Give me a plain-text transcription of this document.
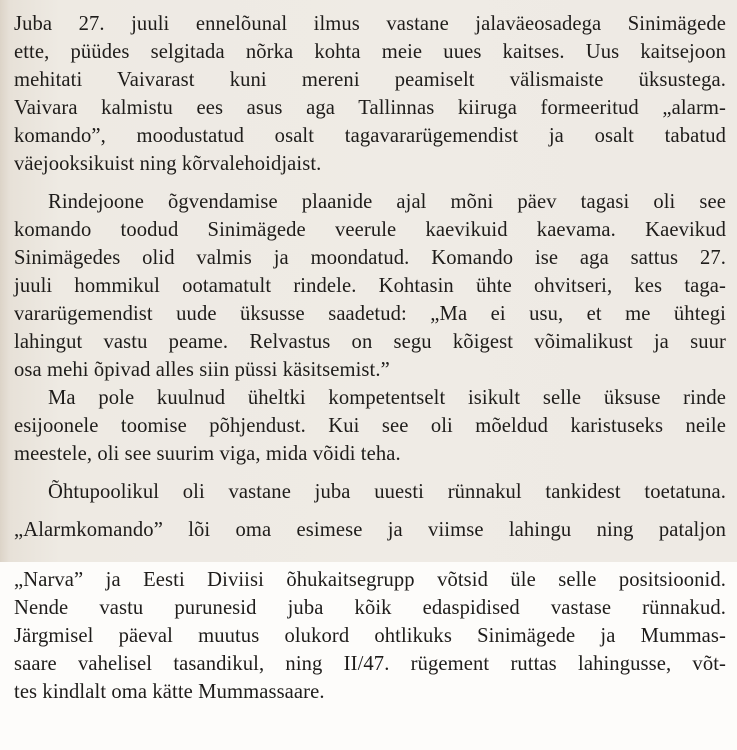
Juba 27. juuli ennelõunal ilmus vastane jalaväeosadega Sinimägede
ette, püüdes selgitada nõrka kohta meie uues kaitses. Uus kaitsejoon
mehitati Vaivarast kuni mereni peamiselt välismaiste üksustega.
Vaivara kalmistu ees asus aga Tallinnas kiiruga formeeritud „alarm-
komando”, moodustatud osalt tagavararügemendist ja osalt tabatud
väejooksikuist ning kõrvalehoidjaist.
Rindejoone õgvendamise plaanide ajal mõni päev tagasi oli see
komando toodud Sinimägede veerule kaevikuid kaevama. Kaevikud
Sinimägedes olid valmis ja moondatud. Komando ise aga sattus 27.
juuli hommikul ootamatult rindele. Kohtasin ühte ohvitseri, kes taga-
vararügemendist uude üksusse saadetud: „Ma ei usu, et me ühtegi
lahingut vastu peame. Relvastus on segu kõigest võimalikust ja suur
osa mehi õpivad alles siin püssi käsitsemist.”
Ma pole kuulnud üheltki kompetentselt isikult selle üksuse rinde
esijoonele toomise põhjendust. Kui see oli mõeldud karistuseks neile
meestele, oli see suurim viga, mida võidi teha.
Õhtupoolikul oli vastane juba uuesti rünnakul tankidest toetatuna.
„Alarmkomando” lõi oma esimese ja viimse lahingu ning pataljon
„Narva” ja Eesti Diviisi õhukaitsegrupp võtsid üle selle positsioonid.
Nende vastu purunesid juba kõik edaspidised vastase rünnakud.
Järgmisel päeval muutus olukord ohtlikuks Sinimägede ja Mummas-
saare vahelisel tasandikul, ning II/47. rügement ruttas lahingusse, võt-
tes kindlalt oma kätte Mummassaare.
